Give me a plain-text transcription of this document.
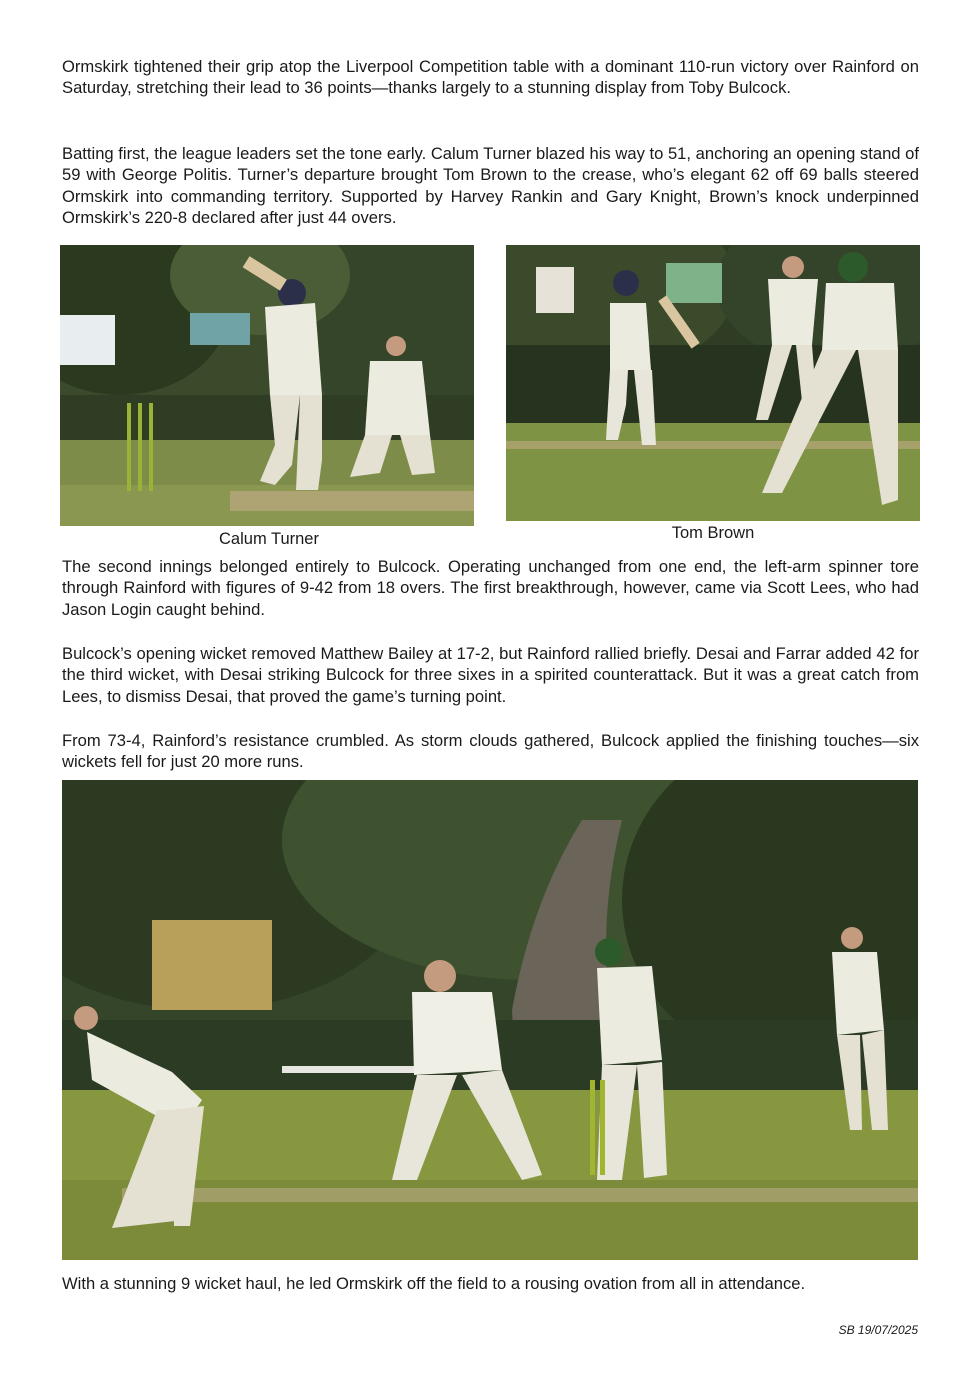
Ormskirk tightened their grip atop the Liverpool Competition table with a dominant 110-run victory over Rainford on Saturday, stretching their lead to 36 points—thanks largely to a stunning display from Toby Bulcock.

Batting first, the league leaders set the tone early. Calum Turner blazed his way to 51, anchoring an opening stand of 59 with George Politis. Turner’s departure brought Tom Brown to the crease, who’s elegant 62 off 69 balls steered Ormskirk into commanding territory. Supported by Harvey Rankin and Gary Knight, Brown’s knock underpinned Ormskirk’s 220-8 declared after just 44 overs.

Calum Turner	Tom Brown

The second innings belonged entirely to Bulcock. Operating unchanged from one end, the left-arm spinner tore through Rainford with figures of 9-42 from 18 overs. The first breakthrough, however, came via Scott Lees, who had Jason Login caught behind.

Bulcock’s opening wicket removed Matthew Bailey at 17-2, but Rainford rallied briefly. Desai and Farrar added 42 for the third wicket, with Desai striking Bulcock for three sixes in a spirited counterattack. But it was a great catch from Lees, to dismiss Desai, that proved the game’s turning point.

From 73-4, Rainford’s resistance crumbled. As storm clouds gathered, Bulcock applied the finishing touches—six wickets fell for just 20 more runs.

With a stunning 9 wicket haul, he led Ormskirk off the field to a rousing ovation from all in attendance.

SB 19/07/2025
